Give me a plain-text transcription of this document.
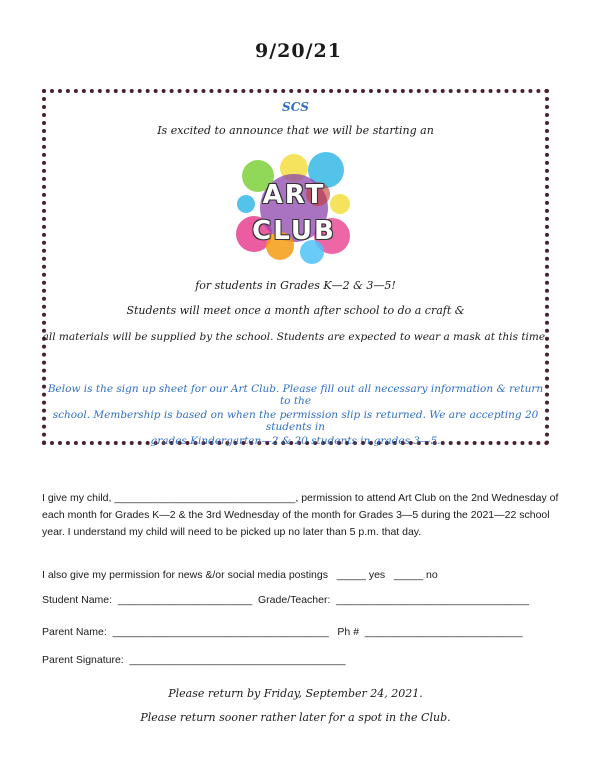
9/20/21
SCS
Is excited to announce that we will be starting an
ART
CLUB
for students in Grades K—2 & 3—5!
Students will meet once a month after school to do a craft &
all materials will be supplied by the school. Students are expected to wear a mask at this time.
Below is the sign up sheet for our Art Club. Please fill out all necessary information & return to the
school. Membership is based on when the permission slip is returned. We are accepting 20 students in
grades Kindergarten—2 & 20 students in grades 3—5.
I give my child, _______________________________, permission to attend Art Club on the 2nd Wednesday of each month for Grades K—2 & the 3rd Wednesday of the month for Grades 3—5 during the 2021—22 school year. I understand my child will need to be picked up no later than 5 p.m. that day.
I also give my permission for news &/or social media postings   _____ yes   _____ no
Student Name:  _______________________  Grade/Teacher:  _________________________________
Parent Name:  _____________________________________   Ph #  ___________________________
Parent Signature:  _____________________________________
Please return by Friday, September 24, 2021.
Please return sooner rather later for a spot in the Club.
